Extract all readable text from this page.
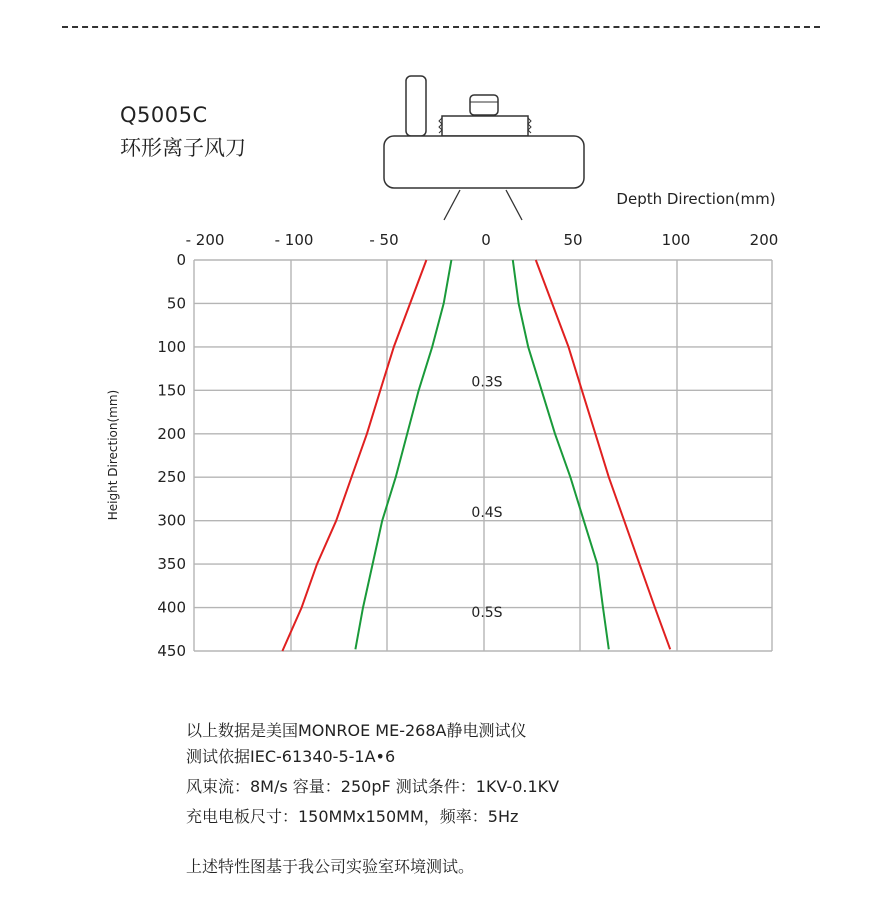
Q5005C
环形离子风刀
Depth Direction(mm)
Height Direction(mm)
- 200	- 100	- 50	0	50	100	200
0
50
100
150
200
250
300
350
400
450
0.3S
0.4S
0.5S
以上数据是美国MONROE ME-268A静电测试仪
测试依据IEC-61340-5-1A•6
风束流：8M/s 容量：250pF 测试条件：1KV-0.1KV
充电电板尺寸：150MMx150MM，频率：5Hz
上述特性图基于我公司实验室环境测试。
